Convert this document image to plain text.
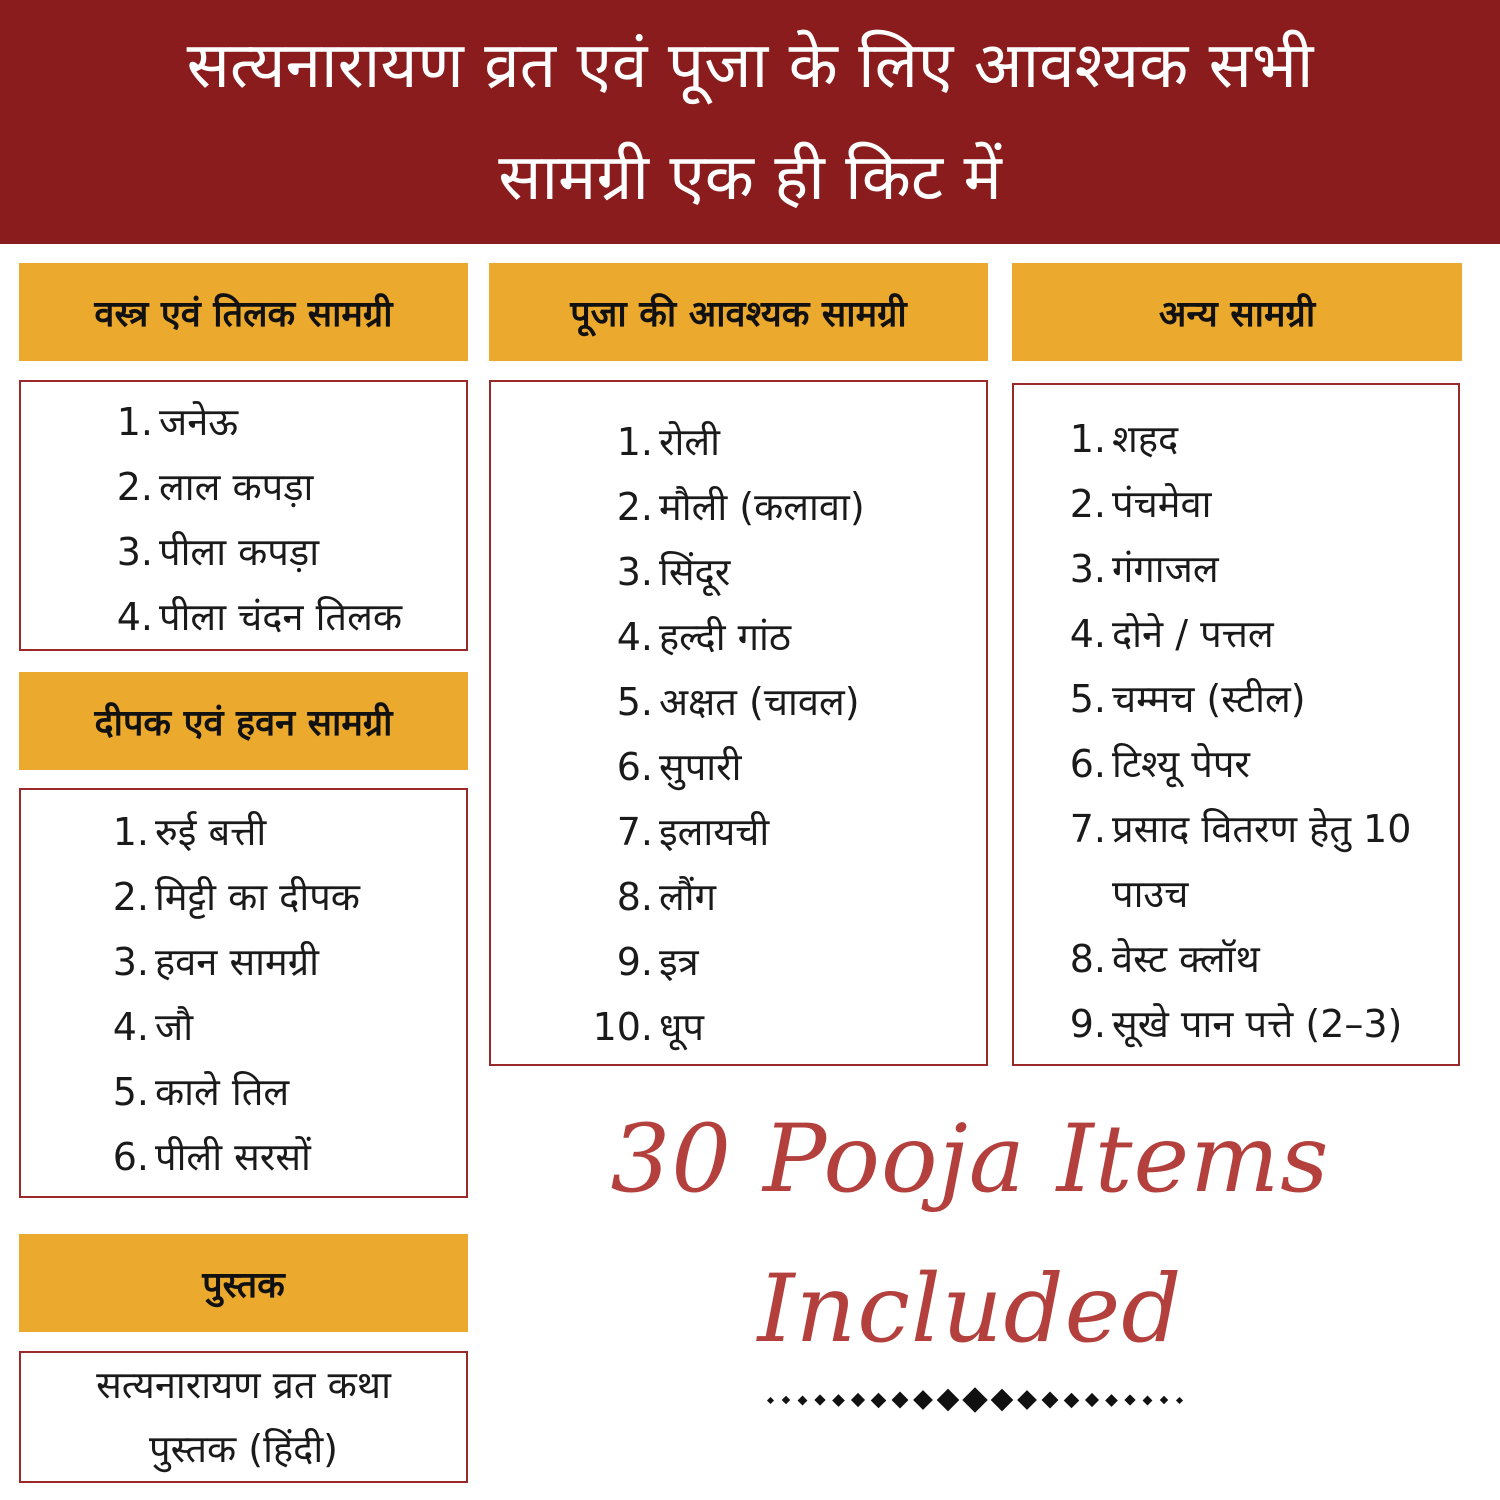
सत्यनारायण व्रत एवं पूजा के लिए आवश्यक सभी
सामग्री एक ही किट में
वस्त्र एवं तिलक सामग्री
1. जनेऊ
2. लाल कपड़ा
3. पीला कपड़ा
4. पीला चंदन तिलक
दीपक एवं हवन सामग्री
1. रुई बत्ती
2. मिट्टी का दीपक
3. हवन सामग्री
4. जौ
5. काले तिल
6. पीली सरसों
पुस्तक
सत्यनारायण व्रत कथा पुस्तक (हिंदी)
पूजा की आवश्यक सामग्री
1. रोली
2. मौली (कलावा)
3. सिंदूर
4. हल्दी गांठ
5. अक्षत (चावल)
6. सुपारी
7. इलायची
8. लौंग
9. इत्र
10. धूप
अन्य सामग्री
1. शहद
2. पंचमेवा
3. गंगाजल
4. दोने / पत्तल
5. चम्मच (स्टील)
6. टिश्यू पेपर
7. प्रसाद वितरण हेतु 10 पाउच
8. वेस्ट क्लॉथ
9. सूखे पान पत्ते (2–3)
30 Pooja Items
Included
